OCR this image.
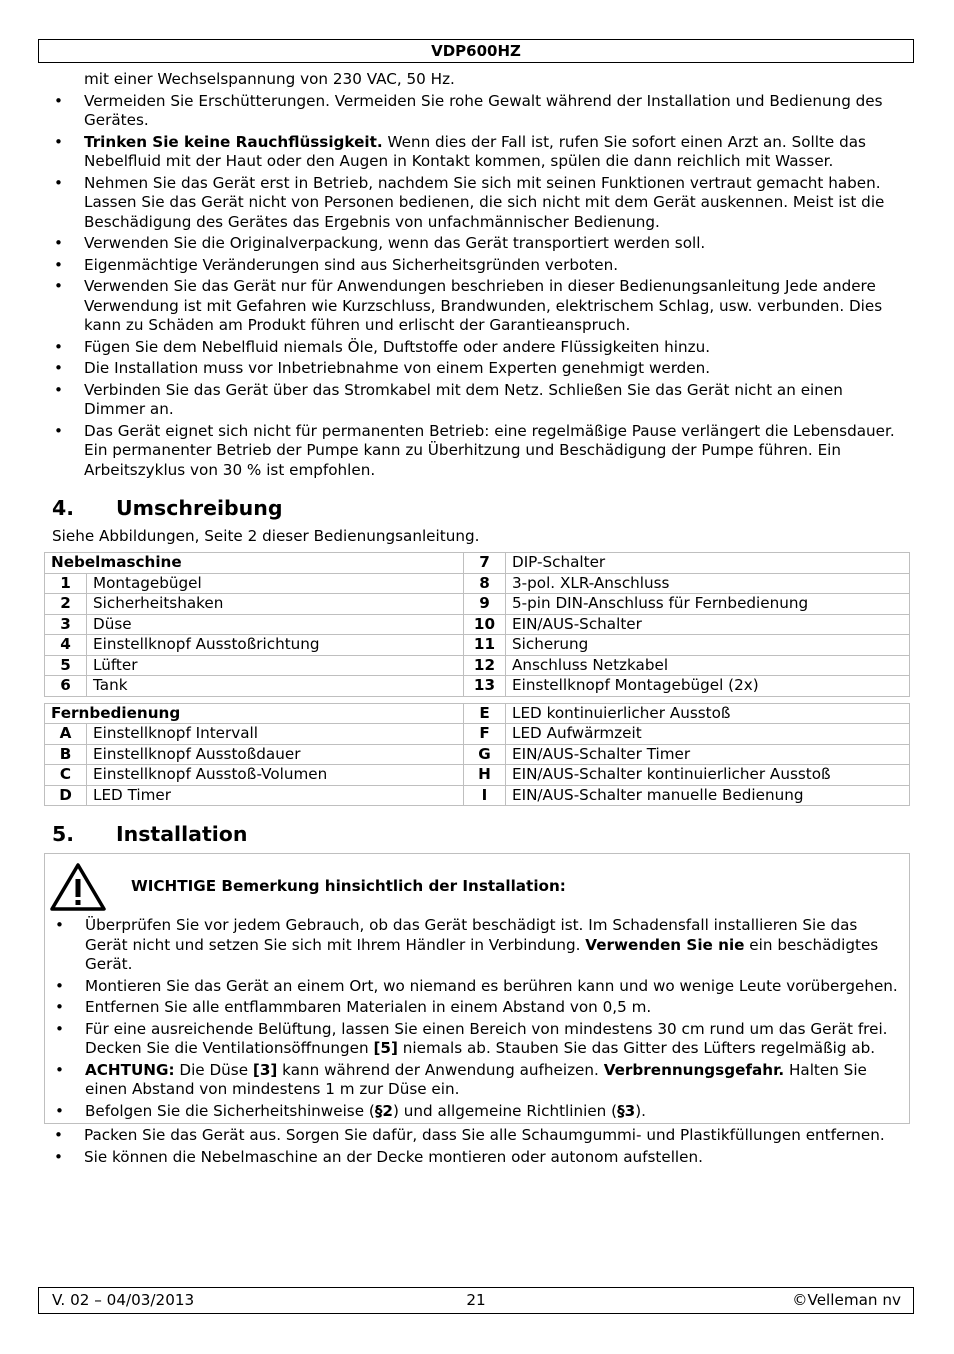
VDP600HZ

mit einer Wechselspannung von 230 VAC, 50 Hz.

• Vermeiden Sie Erschütterungen. Vermeiden Sie rohe Gewalt während der Installation und Bedienung des Gerätes.
• Trinken Sie keine Rauchflüssigkeit. Wenn dies der Fall ist, rufen Sie sofort einen Arzt an. Sollte das Nebelfluid mit der Haut oder den Augen in Kontakt kommen, spülen die dann reichlich mit Wasser.
• Nehmen Sie das Gerät erst in Betrieb, nachdem Sie sich mit seinen Funktionen vertraut gemacht haben. Lassen Sie das Gerät nicht von Personen bedienen, die sich nicht mit dem Gerät auskennen. Meist ist die Beschädigung des Gerätes das Ergebnis von unfachmännischer Bedienung.
• Verwenden Sie die Originalverpackung, wenn das Gerät transportiert werden soll.
• Eigenmächtige Veränderungen sind aus Sicherheitsgründen verboten.
• Verwenden Sie das Gerät nur für Anwendungen beschrieben in dieser Bedienungsanleitung Jede andere Verwendung ist mit Gefahren wie Kurzschluss, Brandwunden, elektrischem Schlag, usw. verbunden. Dies kann zu Schäden am Produkt führen und erlischt der Garantieanspruch.
• Fügen Sie dem Nebelfluid niemals Öle, Duftstoffe oder andere Flüssigkeiten hinzu.
• Die Installation muss vor Inbetriebnahme von einem Experten genehmigt werden.
• Verbinden Sie das Gerät über das Stromkabel mit dem Netz. Schließen Sie das Gerät nicht an einen Dimmer an.
• Das Gerät eignet sich nicht für permanenten Betrieb: eine regelmäßige Pause verlängert die Lebensdauer. Ein permanenter Betrieb der Pumpe kann zu Überhitzung und Beschädigung der Pumpe führen. Ein Arbeitszyklus von 30 % ist empfohlen.
4. Umschreibung

Siehe Abbildungen, Seite 2 dieser Bedienungsanleitung.

Nebelmaschine		7	DIP-Schalter
1	Montagebügel	8	3-pol. XLR-Anschluss
2	Sicherheitshaken	9	5-pin DIN-Anschluss für Fernbedienung
3	Düse	10	EIN/AUS-Schalter
4	Einstellknopf Ausstoßrichtung	11	Sicherung
5	Lüfter	12	Anschluss Netzkabel
6	Tank	13	Einstellknopf Montagebügel (2x)
Fernbedienung		E	LED kontinuierlicher Ausstoß
A	Einstellknopf Intervall	F	LED Aufwärmzeit
B	Einstellknopf Ausstoßdauer	G	EIN/AUS-Schalter Timer
C	Einstellknopf Ausstoß-Volumen	H	EIN/AUS-Schalter kontinuierlicher Ausstoß
D	LED Timer	I	EIN/AUS-Schalter manuelle Bedienung
5. Installation
WICHTIGE Bemerkung hinsichtlich der Installation:
• Überprüfen Sie vor jedem Gebrauch, ob das Gerät beschädigt ist. Im Schadensfall installieren Sie das Gerät nicht und setzen Sie sich mit Ihrem Händler in Verbindung. Verwenden Sie nie ein beschädigtes Gerät.
• Montieren Sie das Gerät an einem Ort, wo niemand es berühren kann und wo wenige Leute vorübergehen.
• Entfernen Sie alle entflammbaren Materialen in einem Abstand von 0,5 m.
• Für eine ausreichende Belüftung, lassen Sie einen Bereich von mindestens 30 cm rund um das Gerät frei. Decken Sie die Ventilationsöffnungen [5] niemals ab. Stauben Sie das Gitter des Lüfters regelmäßig ab.
• ACHTUNG: Die Düse [3] kann während der Anwendung aufheizen. Verbrennungsgefahr. Halten Sie einen Abstand von mindestens 1 m zur Düse ein.
• Befolgen Sie die Sicherheitshinweise (§2) und allgemeine Richtlinien (§3).
• Packen Sie das Gerät aus. Sorgen Sie dafür, dass Sie alle Schaumgummi- und Plastikfüllungen entfernen.
• Sie können die Nebelmaschine an der Decke montieren oder autonom aufstellen.
V. 02 – 04/03/2013	21	©Velleman nv
